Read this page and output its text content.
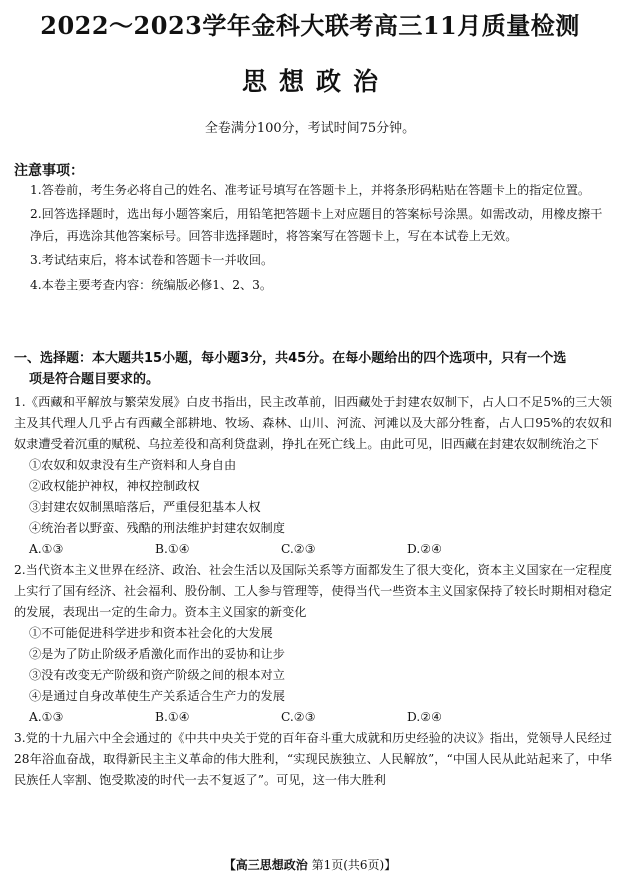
2022～2023学年金科大联考高三11月质量检测
思想政治
全卷满分100分，考试时间75分钟。
注意事项：
1.答卷前，考生务必将自己的姓名、准考证号填写在答题卡上，并将条形码粘贴在答题卡上的指定位置。
2.回答选择题时，选出每小题答案后，用铅笔把答题卡上对应题目的答案标号涂黑。如需改动，用橡皮擦干净后，再选涂其他答案标号。回答非选择题时，将答案写在答题卡上，写在本试卷上无效。
3.考试结束后，将本试卷和答题卡一并收回。
4.本卷主要考查内容：统编版必修1、2、3。
一、选择题：本大题共15小题，每小题3分，共45分。在每小题给出的四个选项中，只有一个选
项是符合题目要求的。
1.《西藏和平解放与繁荣发展》白皮书指出，民主改革前，旧西藏处于封建农奴制下，占人口不足5%的三大领主及其代理人几乎占有西藏全部耕地、牧场、森林、山川、河流、河滩以及大部分牲畜，占人口95%的农奴和奴隶遭受着沉重的赋税、乌拉差役和高利贷盘剥，挣扎在死亡线上。由此可见，旧西藏在封建农奴制统治之下
①农奴和奴隶没有生产资料和人身自由
②政权能护神权，神权控制政权
③封建农奴制黑暗落后，严重侵犯基本人权
④统治者以野蛮、残酷的刑法维护封建农奴制度
A.①③	B.①④	C.②③	D.②④
2.当代资本主义世界在经济、政治、社会生活以及国际关系等方面都发生了很大变化，资本主义国家在一定程度上实行了国有经济、社会福利、股份制、工人参与管理等，使得当代一些资本主义国家保持了较长时期相对稳定的发展，表现出一定的生命力。资本主义国家的新变化
①不可能促进科学进步和资本社会化的大发展
②是为了防止阶级矛盾激化而作出的妥协和让步
③没有改变无产阶级和资产阶级之间的根本对立
④是通过自身改革使生产关系适合生产力的发展
A.①③	B.①④	C.②③	D.②④
3.党的十九届六中全会通过的《中共中央关于党的百年奋斗重大成就和历史经验的决议》指出，党领导人民经过28年浴血奋战，取得新民主主义革命的伟大胜利，“实现民族独立、人民解放”，“中国人民从此站起来了，中华民族任人宰割、饱受欺凌的时代一去不复返了”。可见，这一伟大胜利
【高三思想政治 第1页(共6页)】
